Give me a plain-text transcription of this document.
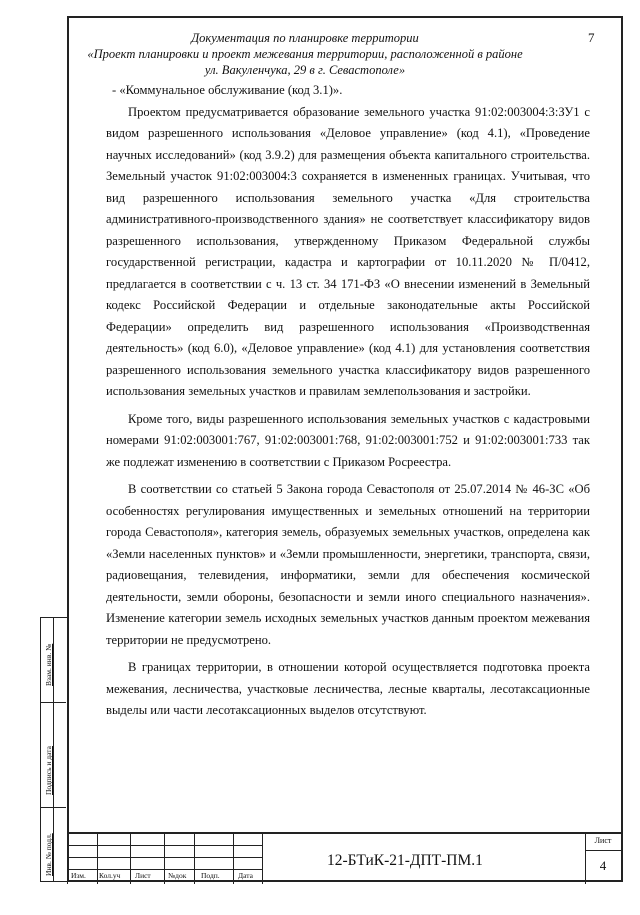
Документация по планировке территории
«Проект планировки и проект межевания территории, расположенной в районе
ул. Вакуленчука, 29 в г. Севастополе»
7

- «Коммунальное обслуживание (код 3.1)».

Проектом предусматривается образование земельного участка 91:02:003004:3:ЗУ1 с видом разрешенного использования «Деловое управление» (код 4.1), «Проведение научных исследований» (код 3.9.2) для размещения объекта капитального строительства. Земельный участок 91:02:003004:3 сохраняется в измененных границах. Учитывая, что вид разрешенного использования земельного участка «Для строительства административного-производственного здания» не соответствует классификатору видов разрешенного использования, утвержденному Приказом Федеральной службы государственной регистрации, кадастра и картографии от 10.11.2020 № П/0412, предлагается в соответствии с ч. 13 ст. 34 171-ФЗ «О внесении изменений в Земельный кодекс Российской Федерации и отдельные законодательные акты Российской Федерации» определить вид разрешенного использования «Производственная деятельность» (код 6.0), «Деловое управление» (код 4.1) для установления соответствия разрешенного использования земельного участка классификатору видов разрешенного использования земельных участков и правилам землепользования и застройки.

Кроме того, виды разрешенного использования земельных участков с кадастровыми номерами 91:02:003001:767, 91:02:003001:768, 91:02:003001:752 и 91:02:003001:733 так же подлежат изменению в соответствии с Приказом Росреестра.

В соответствии со статьей 5 Закона города Севастополя от 25.07.2014 № 46-ЗС «Об особенностях регулирования имущественных и земельных отношений на территории города Севастополя», категория земель, образуемых земельных участков, определена как «Земли населенных пунктов» и «Земли промышленности, энергетики, транспорта, связи, радиовещания, телевидения, информатики, земли для обеспечения космической деятельности, земли обороны, безопасности и земли иного специального назначения». Изменение категории земель исходных земельных участков данным проектом межевания территории не предусмотрено.

В границах территории, в отношении которой осуществляется подготовка проекта межевания, лесничества, участковые лесничества, лесные кварталы, лесотаксационные выделы или части лесотаксационных выделов отсутствуют.

Взам. инв. №
Подпись и дата
Инв. № подл. Изм. Кол.уч Лист №док Подп. Дата
12-БТиК-21-ДПТ-ПМ.1
Лист
4
